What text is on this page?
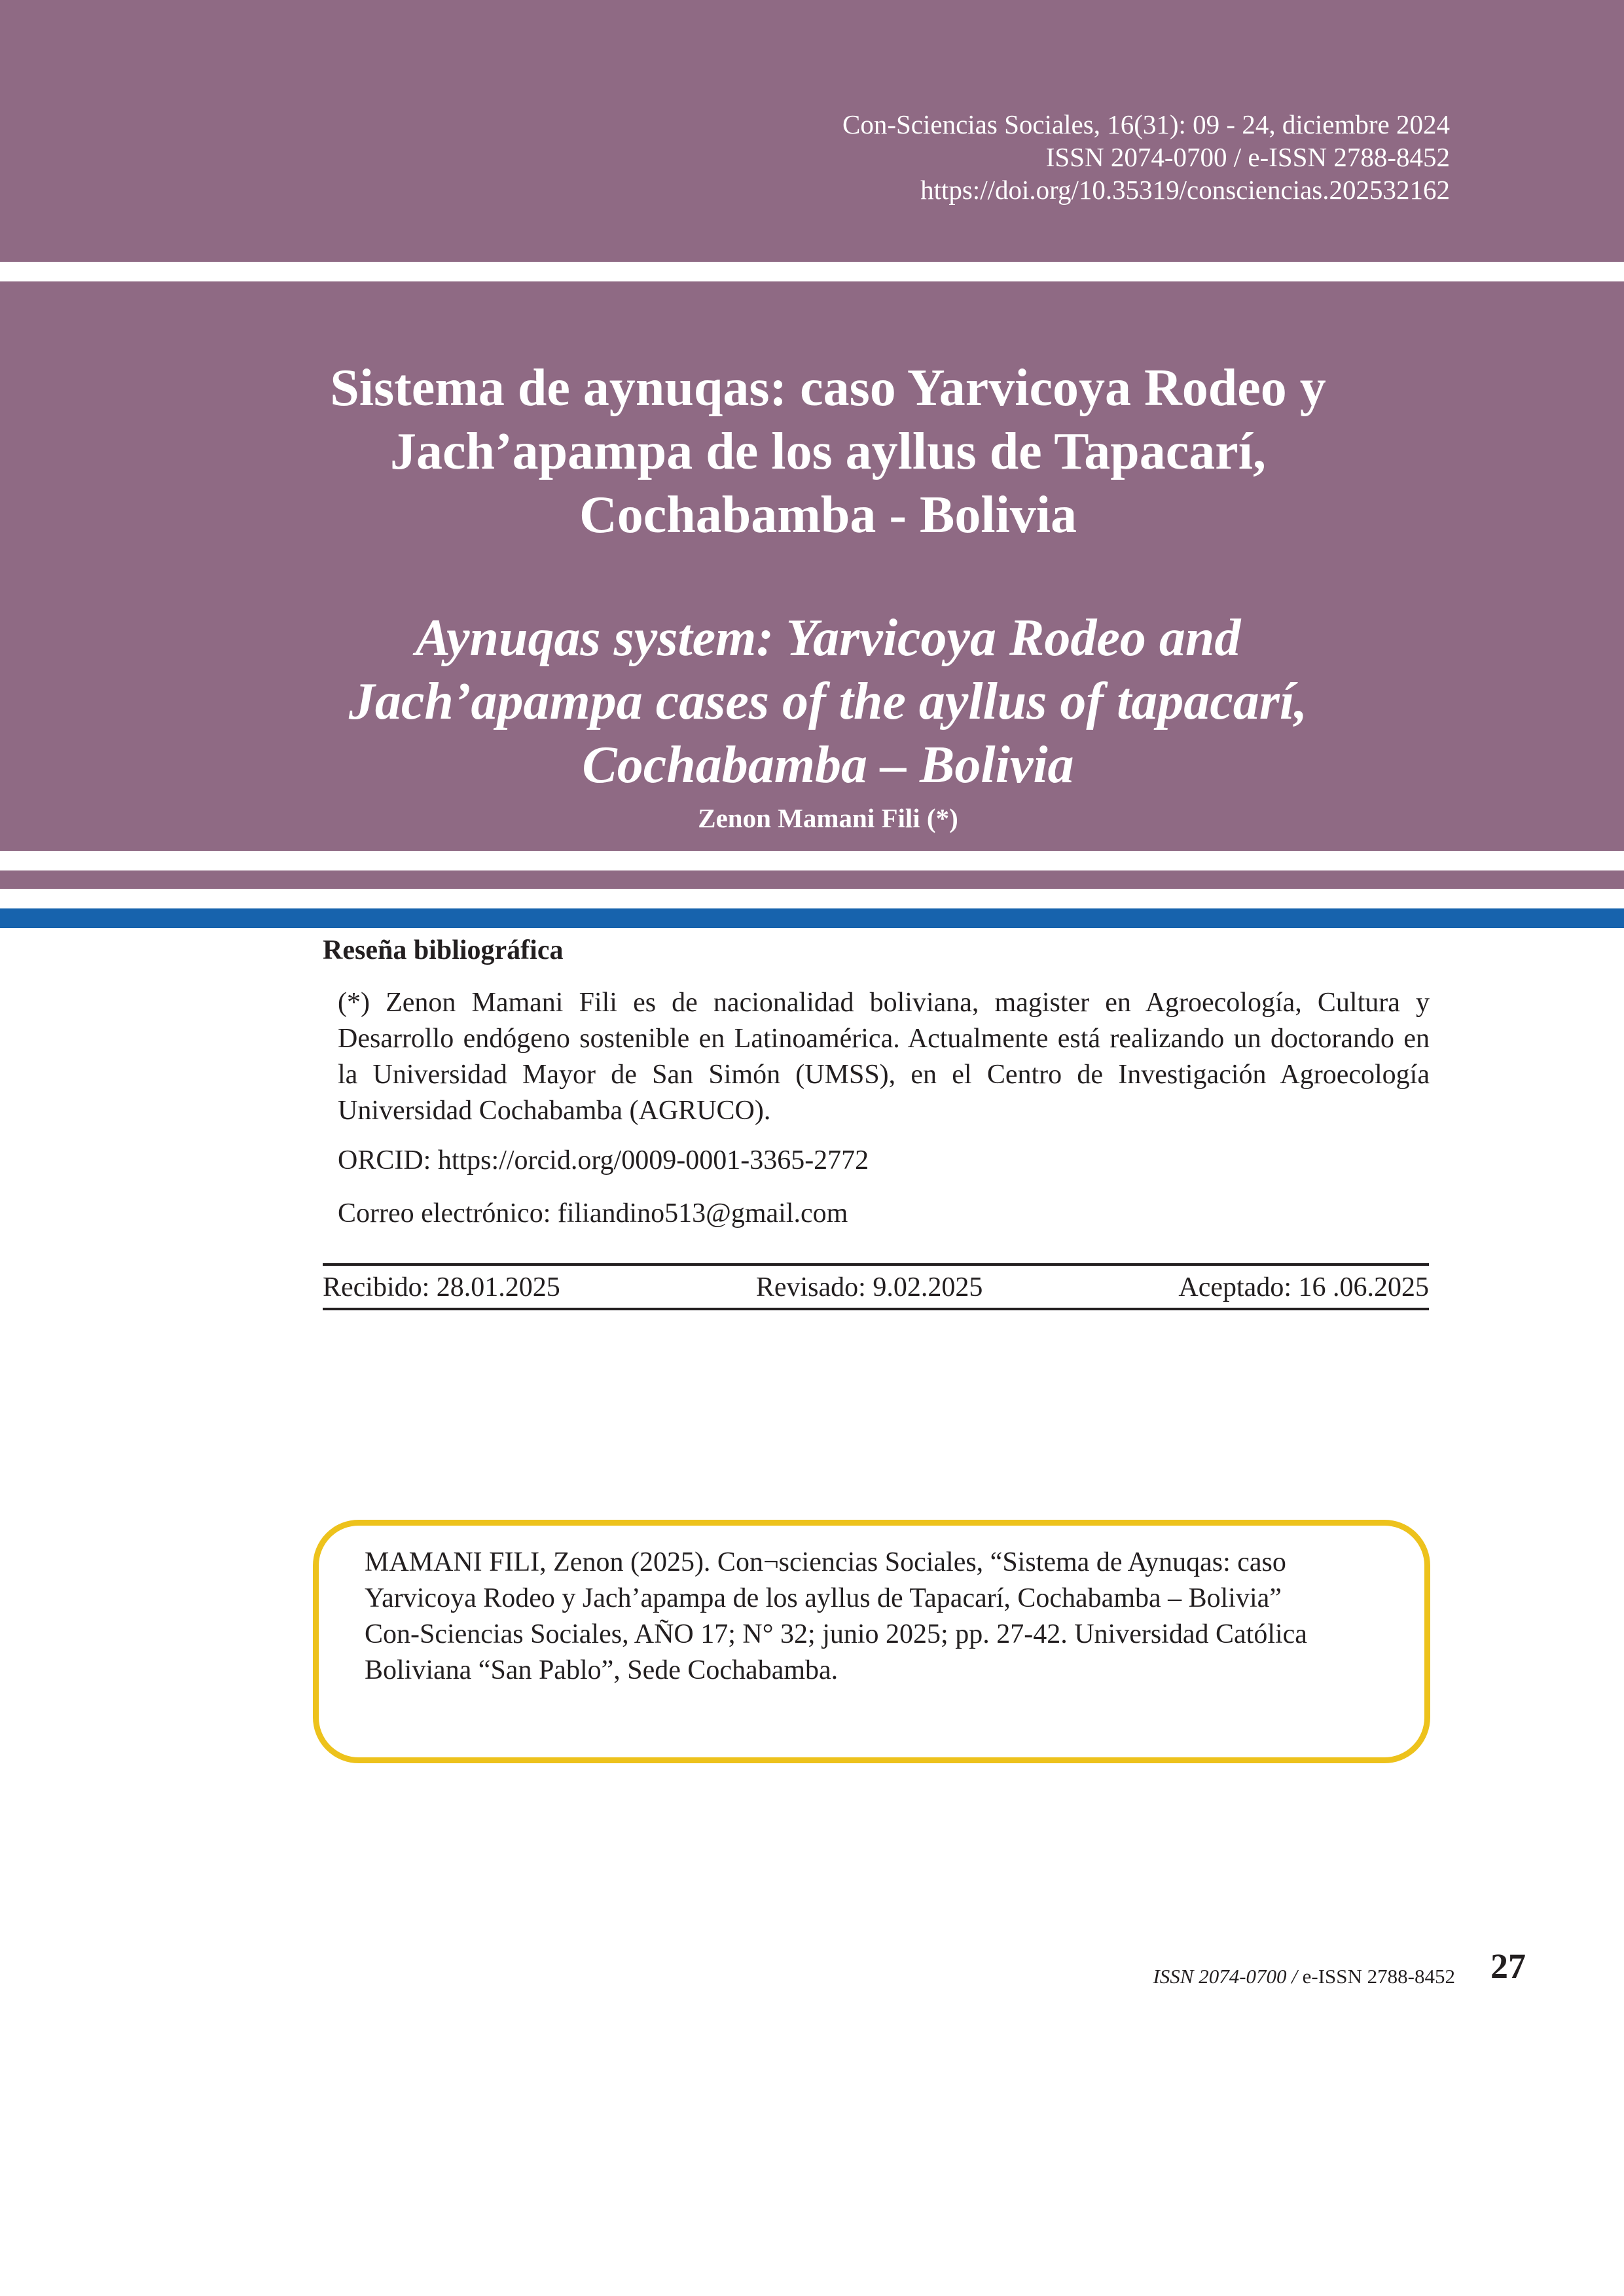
Con-Sciencias Sociales, 16(31): 09 - 24, diciembre 2024
ISSN 2074-0700 / e-ISSN 2788-8452
https://doi.org/10.35319/consciencias.202532162
Sistema de aynuqas: caso Yarvicoya Rodeo y
Jach’apampa de los ayllus de Tapacarí,
Cochabamba - Bolivia
Aynuqas system: Yarvicoya Rodeo and
Jach’apampa cases of the ayllus of tapacarí,
Cochabamba – Bolivia
Zenon Mamani Fili (*)
Reseña bibliográfica
(*) Zenon Mamani Fili es de nacionalidad boliviana, magister en Agroecología, Cultura y Desarrollo endógeno sostenible en Latinoamérica. Actualmente está realizando un doctorando en la Universidad Mayor de San Simón (UMSS), en el Centro de Investigación Agroecología Universidad Cochabamba (AGRUCO).
ORCID: https://orcid.org/0009-0001-3365-2772
Correo electrónico: filiandino513@gmail.com
Recibido: 28.01.2025	Revisado: 9.02.2025	Aceptado: 16 .06.2025
MAMANI FILI, Zenon (2025). Con¬sciencias Sociales, “Sistema de Aynuqas: caso
Yarvicoya Rodeo y Jach’apampa de los ayllus de Tapacarí, Cochabamba – Bolivia”
Con-Sciencias Sociales, AÑO 17; N° 32; junio 2025; pp. 27-42. Universidad Católica
Boliviana “San Pablo”, Sede Cochabamba.
ISSN 2074-0700 / e-ISSN 2788-8452 27
